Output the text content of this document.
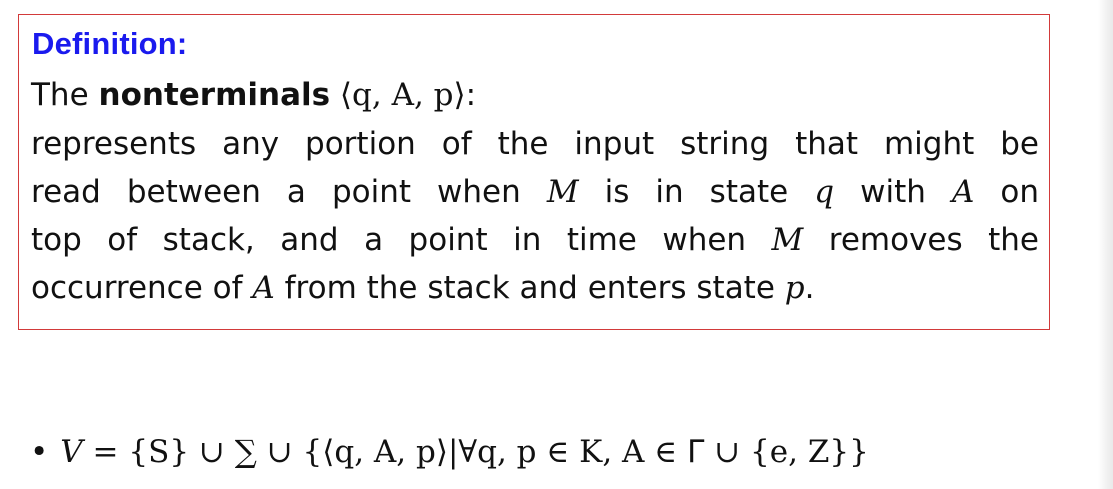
Definition:
The nonterminals ⟨q, A, p⟩:
represents any portion of the input string that might be
read between a point when M is in state q with A on
top of stack, and a point in time when M removes the
occurrence of A from the stack and enters state p.
• V = {S} ∪ ∑ ∪ {⟨q, A, p⟩|∀q, p ∈ K, A ∈ Γ ∪ {e, Z}}
